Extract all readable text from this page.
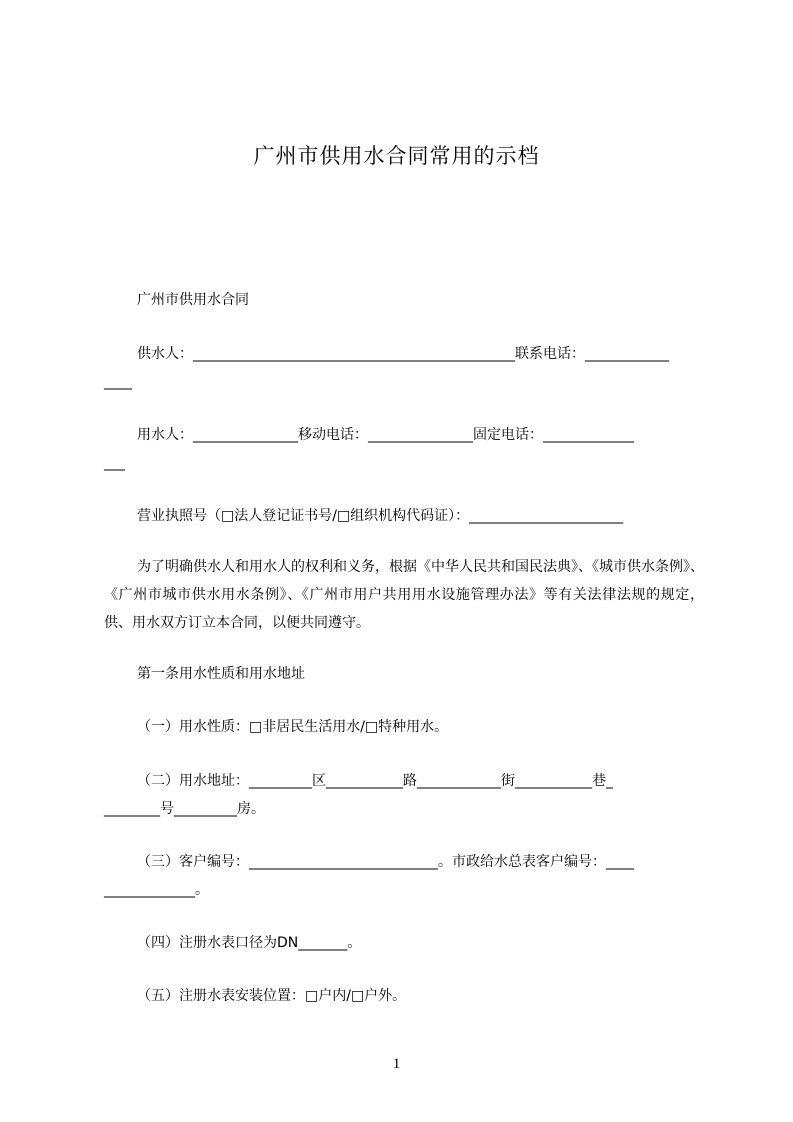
广州市供用水合同常用的示档
广州市供用水合同
供水人：______________________________________________联系电话：____________
____
用水人：_______________移动电话：_______________固定电话：_____________
___
营业执照号（□法人登记证书号/□组织机构代码证）：______________________
为了明确供水人和用水人的权利和义务，根据《中华人民共和国民法典》、《城市供水条例》、《广州市城市供水用水条例》、《广州市用户共用用水设施管理办法》等有关法律法规的规定，供、用水双方订立本合同，以便共同遵守。
第一条用水性质和用水地址
（一）用水性质：□非居民生活用水/□特种用水。
（二）用水地址：_________区___________路____________街___________巷_
________号_________房。
（三）客户编号：___________________________。市政给水总表客户编号：____
_____________。
（四）注册水表口径为DN_______。
（五）注册水表安装位置：□户内/□户外。
1
